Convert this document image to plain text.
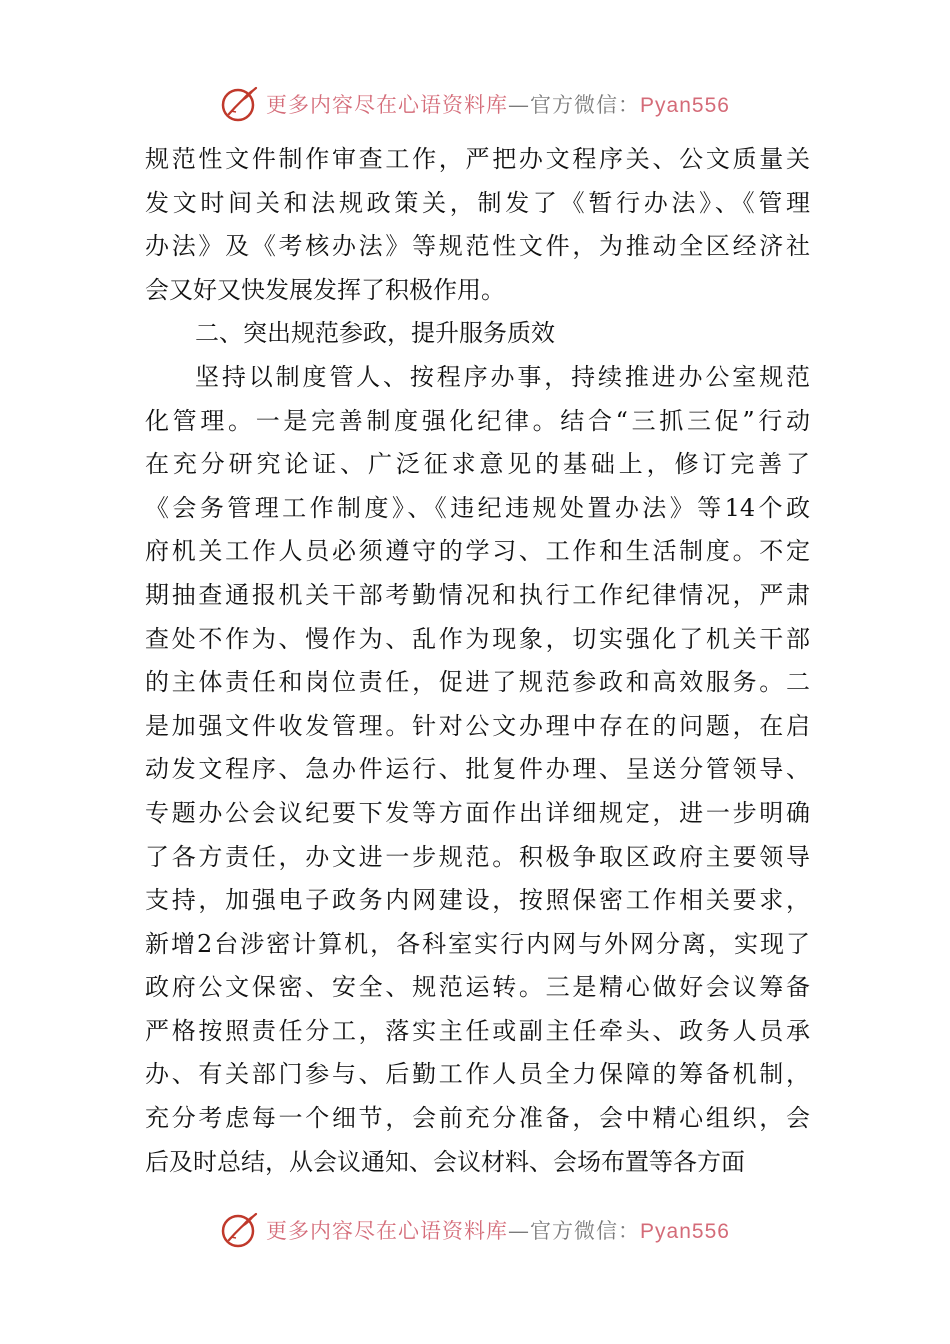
更多内容尽在心语资料库—官方微信：Pyan556
规范性文件制作审查工作，严把办文程序关、公文质量关
发文时间关和法规政策关，制发了《暂行办法》、《管理
办法》及《考核办法》等规范性文件，为推动全区经济社
会又好又快发展发挥了积极作用。
二、突出规范参政，提升服务质效
坚持以制度管人、按程序办事，持续推进办公室规范
化管理。一是完善制度强化纪律。结合“三抓三促”行动
在充分研究论证、广泛征求意见的基础上，修订完善了
《会务管理工作制度》、《违纪违规处置办法》等14个政
府机关工作人员必须遵守的学习、工作和生活制度。不定
期抽查通报机关干部考勤情况和执行工作纪律情况，严肃
查处不作为、慢作为、乱作为现象，切实强化了机关干部
的主体责任和岗位责任，促进了规范参政和高效服务。二
是加强文件收发管理。针对公文办理中存在的问题，在启
动发文程序、急办件运行、批复件办理、呈送分管领导、
专题办公会议纪要下发等方面作出详细规定，进一步明确
了各方责任，办文进一步规范。积极争取区政府主要领导
支持，加强电子政务内网建设，按照保密工作相关要求，
新增2台涉密计算机，各科室实行内网与外网分离，实现了
政府公文保密、安全、规范运转。三是精心做好会议筹备
严格按照责任分工，落实主任或副主任牵头、政务人员承
办、有关部门参与、后勤工作人员全力保障的筹备机制，
充分考虑每一个细节，会前充分准备，会中精心组织，会
后及时总结，从会议通知、会议材料、会场布置等各方面
更多内容尽在心语资料库—官方微信：Pyan556
